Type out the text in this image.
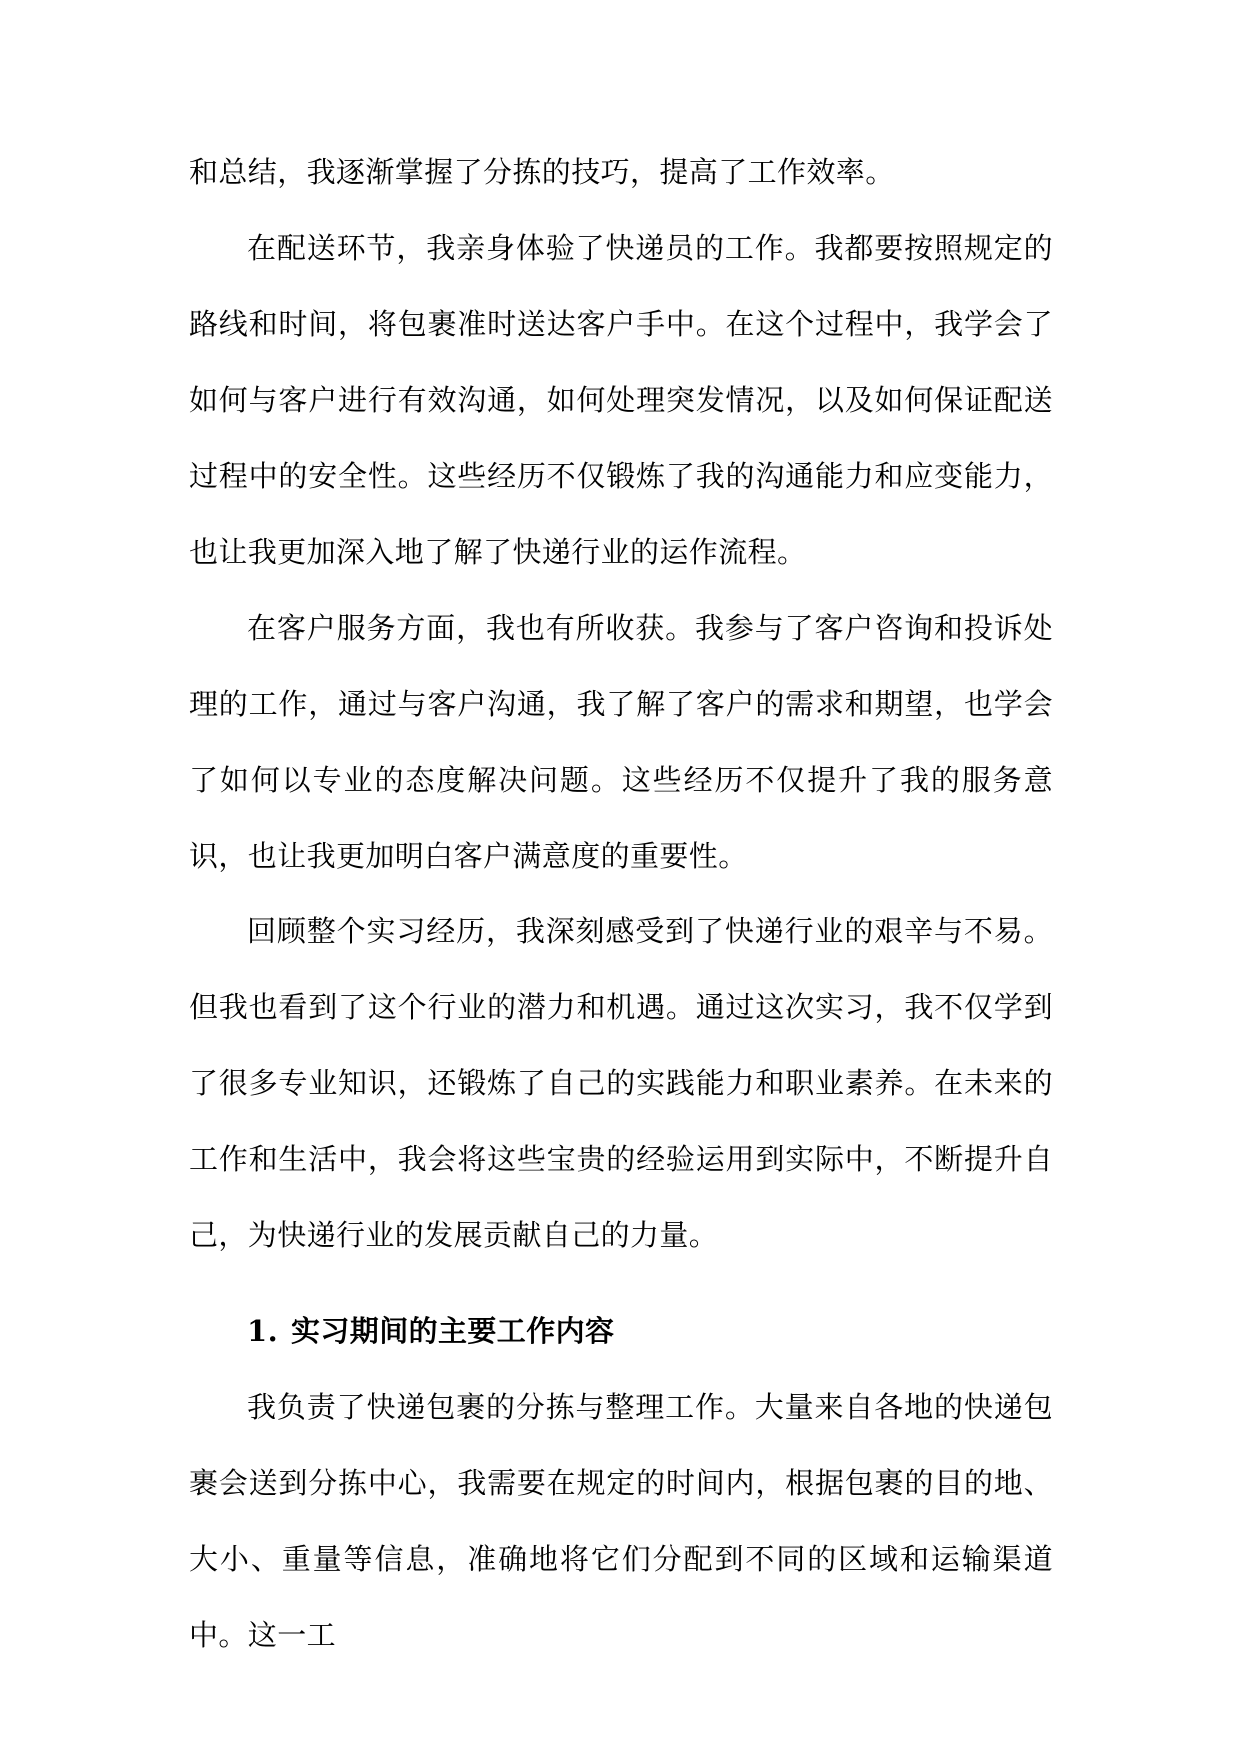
和总结，我逐渐掌握了分拣的技巧，提高了工作效率。

在配送环节，我亲身体验了快递员的工作。我都要按照规定的路线和时间，将包裹准时送达客户手中。在这个过程中，我学会了如何与客户进行有效沟通，如何处理突发情况，以及如何保证配送过程中的安全性。这些经历不仅锻炼了我的沟通能力和应变能力，也让我更加深入地了解了快递行业的运作流程。

在客户服务方面，我也有所收获。我参与了客户咨询和投诉处理的工作，通过与客户沟通，我了解了客户的需求和期望，也学会了如何以专业的态度解决问题。这些经历不仅提升了我的服务意识，也让我更加明白客户满意度的重要性。

回顾整个实习经历，我深刻感受到了快递行业的艰辛与不易。但我也看到了这个行业的潜力和机遇。通过这次实习，我不仅学到了很多专业知识，还锻炼了自己的实践能力和职业素养。在未来的工作和生活中，我会将这些宝贵的经验运用到实际中，不断提升自己，为快递行业的发展贡献自己的力量。

1. 实习期间的主要工作内容

我负责了快递包裹的分拣与整理工作。大量来自各地的快递包裹会送到分拣中心，我需要在规定的时间内，根据包裹的目的地、大小、重量等信息，准确地将它们分配到不同的区域和运输渠道中。这一工
